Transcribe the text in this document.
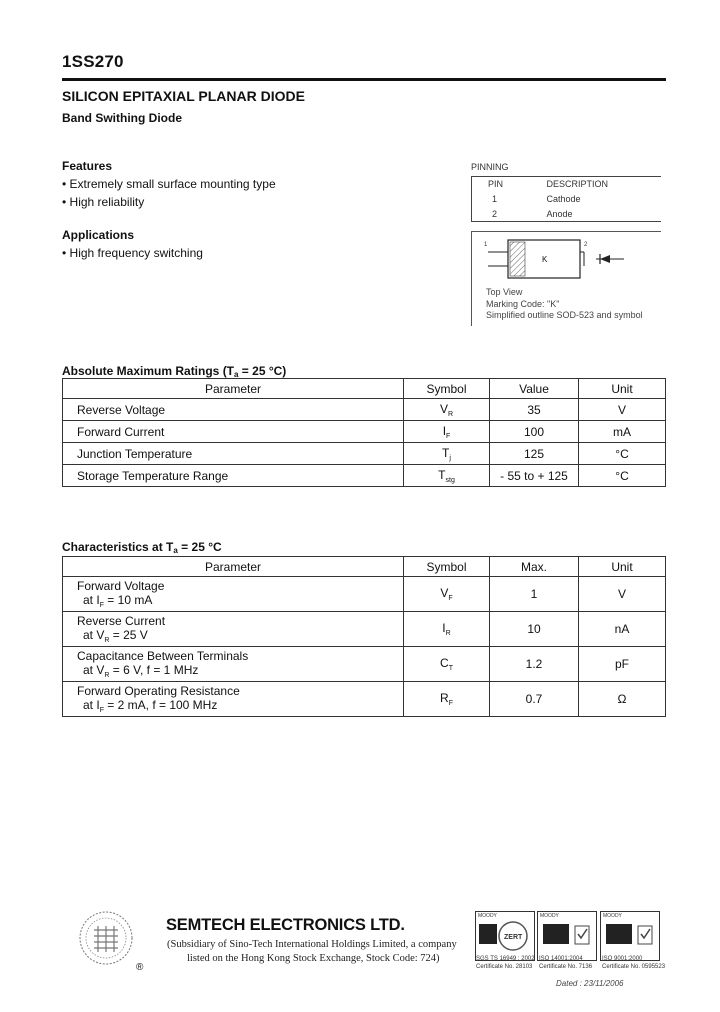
1SS270
SILICON EPITAXIAL PLANAR DIODE
Band Swithing Diode
Features
• Extremely small surface mounting type
• High reliability
Applications
• High frequency switching
PINNING
PIN	DESCRIPTION
1	Cathode
2	Anode
1	2
K
Top View
Marking Code: "K"
Simplified outline SOD-523 and symbol
Absolute Maximum Ratings ($T_a = 25$ °C)
Parameter	Symbol	Value	Unit
Reverse Voltage	$V_R$	35	V
Forward Current	$I_F$	100	mA
Junction Temperature	$T_j$	125	°C
Storage Temperature Range	$T_{stg}$	- 55 to + 125	°C
Characteristics at $T_a = 25$ °C
Parameter	Symbol	Max.	Unit

Forward Voltage
at $I_F = 10$ mA	$V_F$	1	V

Reverse Current
at $V_R = 25$ V	$I_R$	10	nA

Capacitance Between Terminals
at $V_R = 6$ V, f = 1 MHz	$C_T$	1.2	pF

Forward Operating Resistance
at $I_F = 2$ mA, f = 100 MHz	$R_F$	0.7	Ω
®
SEMTECH ELECTRONICS LTD.
(Subsidiary of Sino-Tech International Holdings Limited, a company
listed on the Hong Kong Stock Exchange, Stock Code: 724)
MOODY
ZERT
MOODY	MOODY
SGS TS 16949 : 2002
Certificate No. 28103
ISO 14001:2004
Certificate No. 7136
ISO 9001:2000
Certificate No. 0595523
Dated : 23/11/2006
